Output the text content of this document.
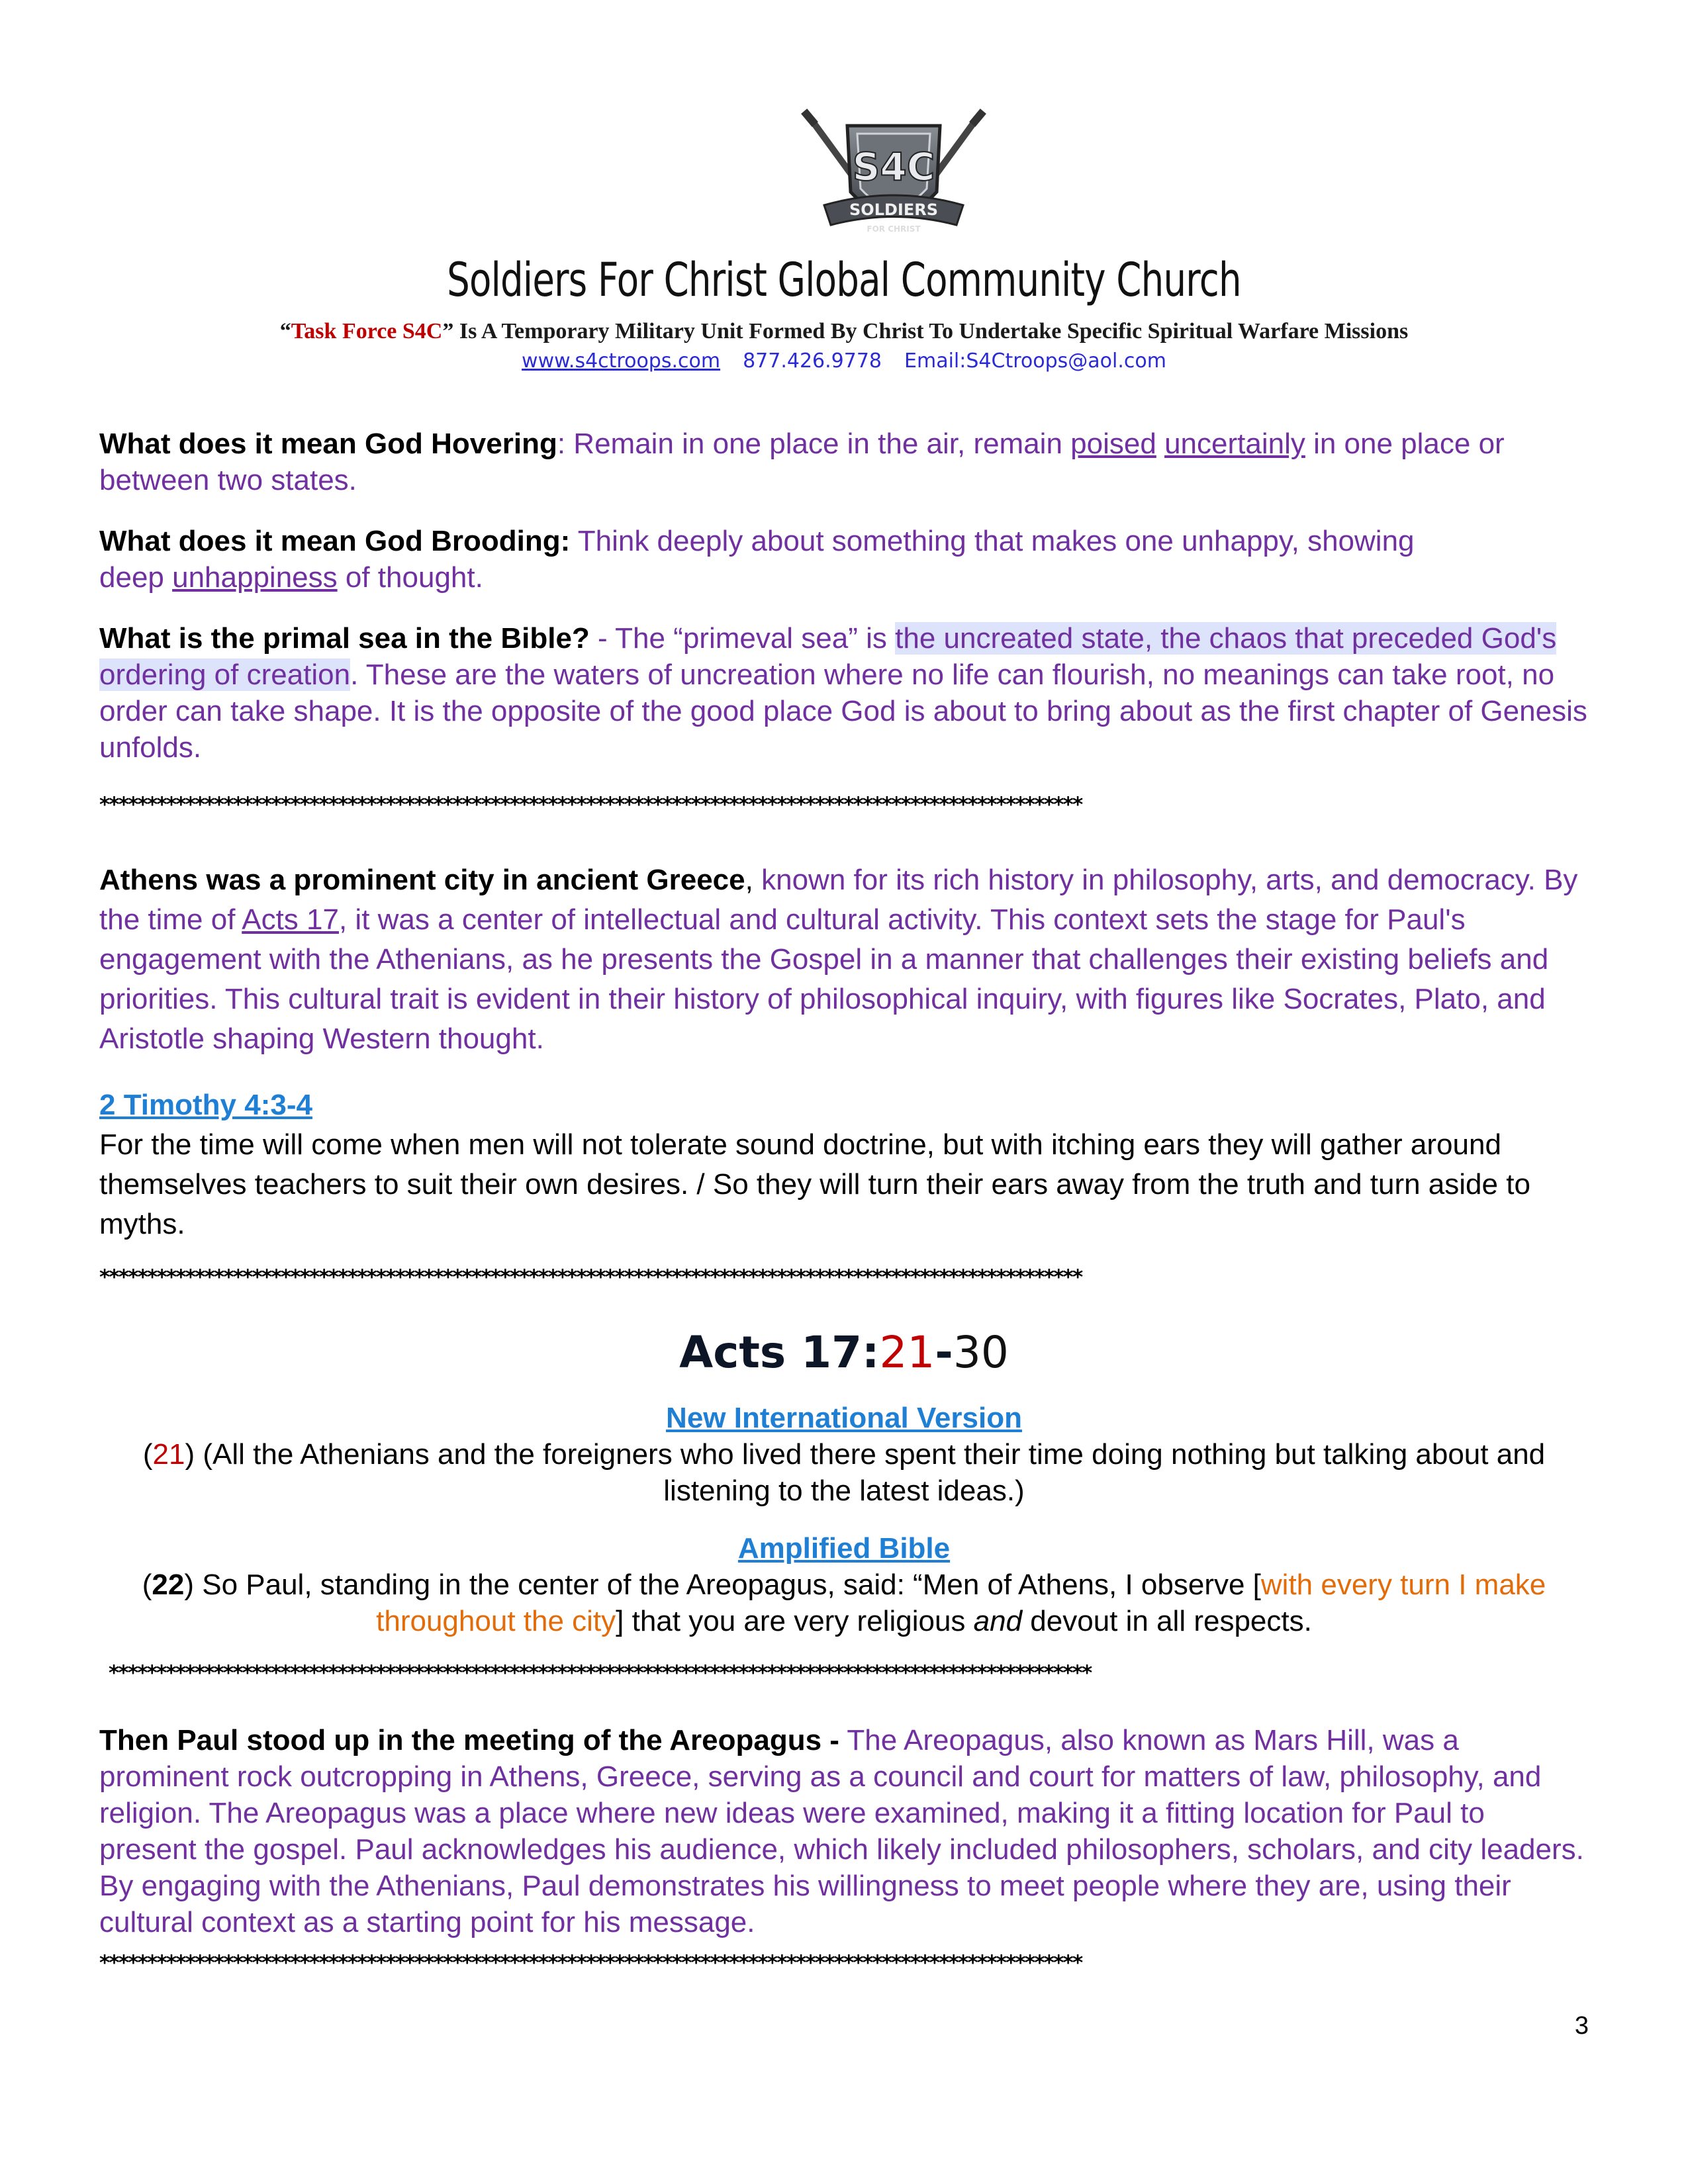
S4C
SOLDIERS
FOR CHRIST
Soldiers For Christ Global Community Church
“Task Force S4C” Is A Temporary Military Unit Formed By Christ To Undertake Specific Spiritual Warfare Missions
www.s4ctroops.com 877.426.9778 Email:S4Ctroops@aol.com
What does it mean God Hovering: Remain in one place in the air, remain poised uncertainly in one place or between two states.
What does it mean God Brooding: Think deeply about something that makes one unhappy, showing deep unhappiness of thought.
What is the primal sea in the Bible? - The “primeval sea” is the uncreated state, the chaos that preceded God's ordering of creation. These are the waters of uncreation where no life can flourish, no meanings can take root, no order can take shape. It is the opposite of the good place God is about to bring about as the first chapter of Genesis unfolds.
*******************************************************************************************************
Athens was a prominent city in ancient Greece, known for its rich history in philosophy, arts, and democracy. By the time of Acts 17, it was a center of intellectual and cultural activity. This context sets the stage for Paul's engagement with the Athenians, as he presents the Gospel in a manner that challenges their existing beliefs and priorities. This cultural trait is evident in their history of philosophical inquiry, with figures like Socrates, Plato, and Aristotle shaping Western thought.
2 Timothy 4:3-4
For the time will come when men will not tolerate sound doctrine, but with itching ears they will gather around themselves teachers to suit their own desires. / So they will turn their ears away from the truth and turn aside to myths.
*******************************************************************************************************
Acts 17:21-30
New International Version
(21) (All the Athenians and the foreigners who lived there spent their time doing nothing but talking about and listening to the latest ideas.)
Amplified Bible
(22) So Paul, standing in the center of the Areopagus, said: “Men of Athens, I observe [with every turn I make throughout the city] that you are very religious and devout in all respects.
*******************************************************************************************************
Then Paul stood up in the meeting of the Areopagus - The Areopagus, also known as Mars Hill, was a prominent rock outcropping in Athens, Greece, serving as a council and court for matters of law, philosophy, and religion. The Areopagus was a place where new ideas were examined, making it a fitting location for Paul to present the gospel. Paul acknowledges his audience, which likely included philosophers, scholars, and city leaders. By engaging with the Athenians, Paul demonstrates his willingness to meet people where they are, using their cultural context as a starting point for his message.
*******************************************************************************************************
3
